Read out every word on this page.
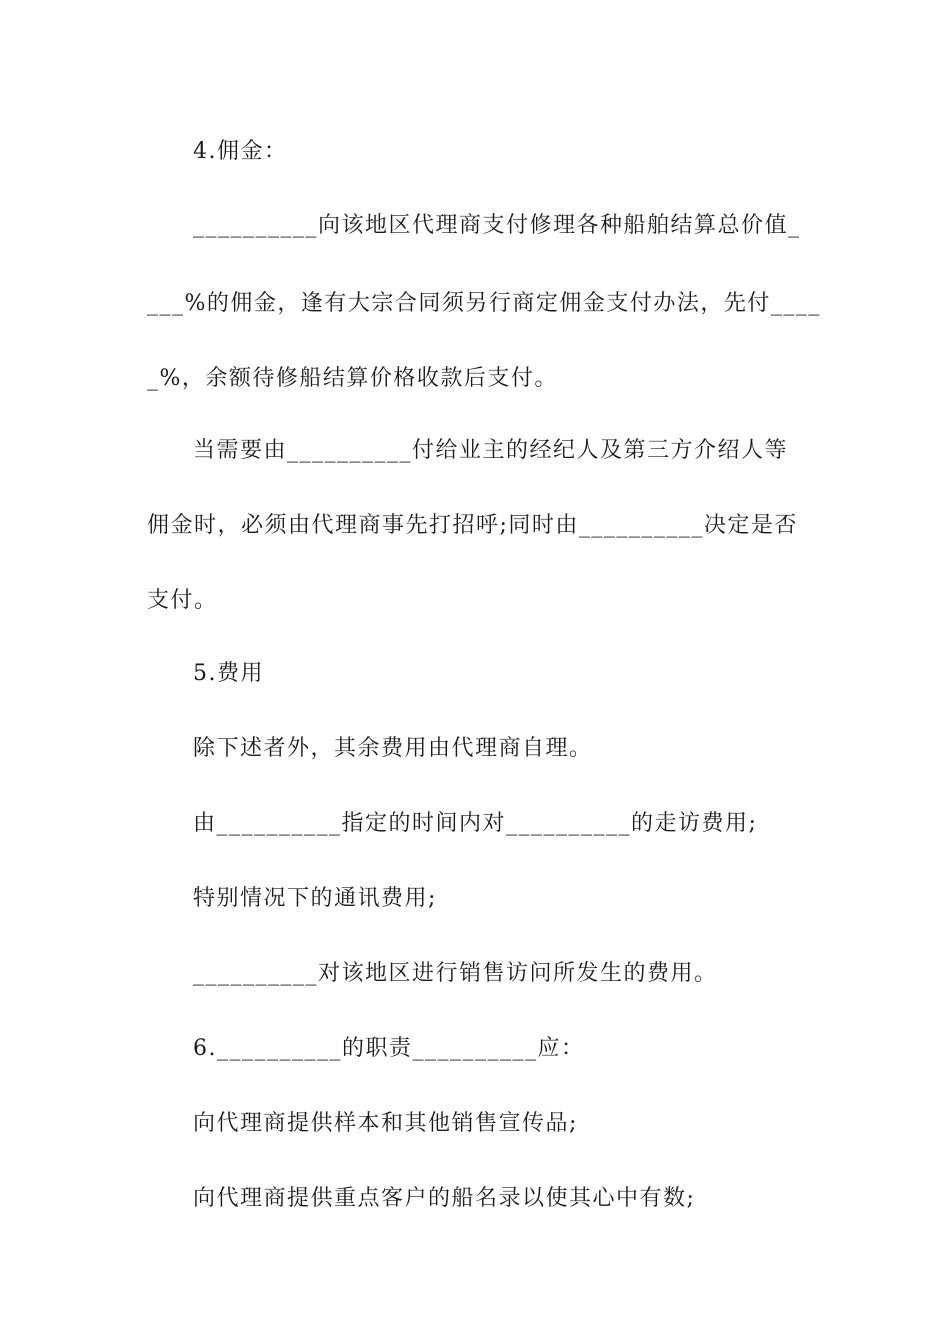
4.佣金：
__________向该地区代理商支付修理各种船舶结算总价值_
___%的佣金，逢有大宗合同须另行商定佣金支付办法，先付____
_%，余额待修船结算价格收款后支付。
当需要由__________付给业主的经纪人及第三方介绍人等
佣金时，必须由代理商事先打招呼;同时由__________决定是否
支付。
5.费用
除下述者外，其余费用由代理商自理。
由__________指定的时间内对__________的走访费用;
特别情况下的通讯费用;
__________对该地区进行销售访问所发生的费用。
6.__________的职责__________应：
向代理商提供样本和其他销售宣传品;
向代理商提供重点客户的船名录以使其心中有数;
